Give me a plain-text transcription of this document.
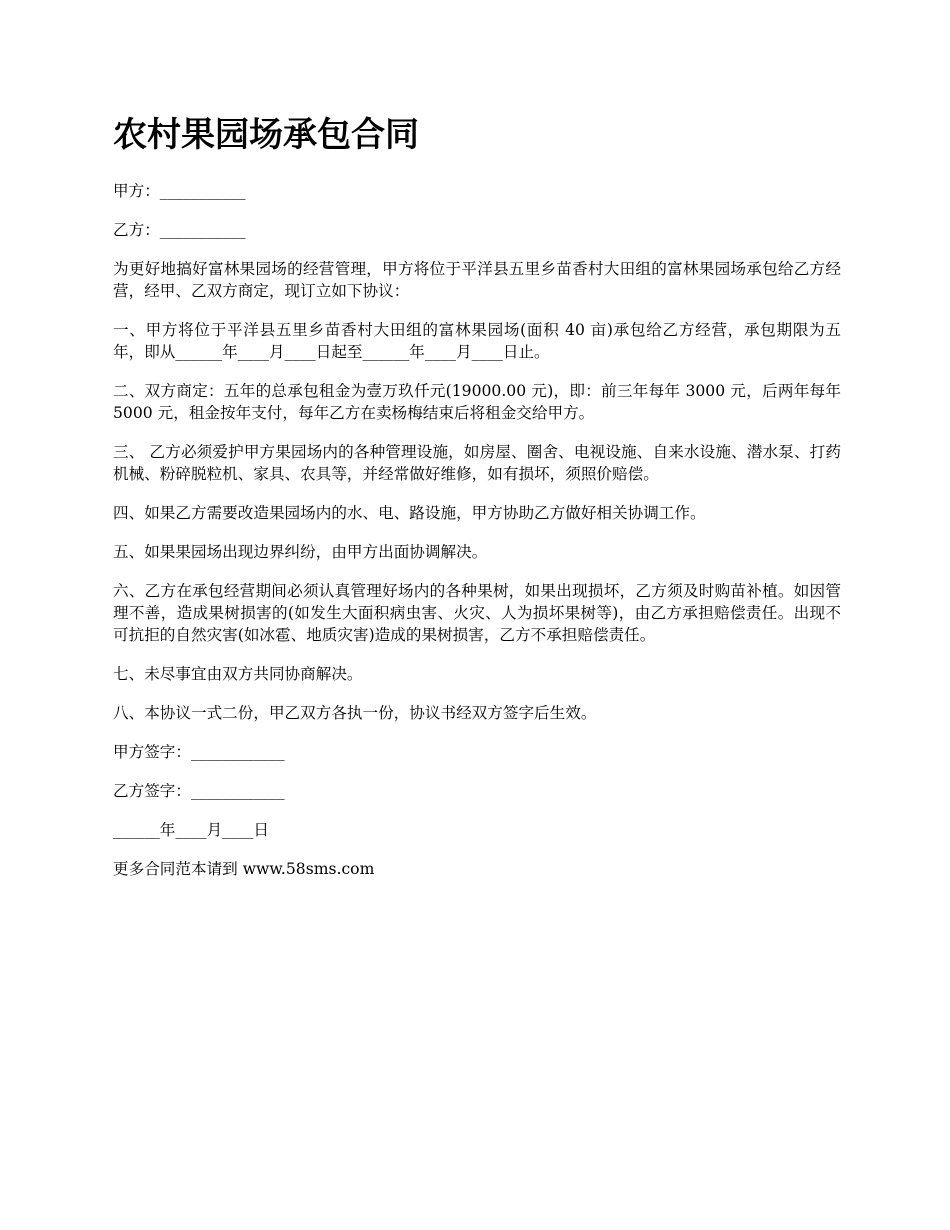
农村果园场承包合同

甲方：___________

乙方：___________

为更好地搞好富林果园场的经营管理，甲方将位于平洋县五里乡苗香村大田组的富林果园场承包给乙方经营，经甲、乙双方商定，现订立如下协议：

一、甲方将位于平洋县五里乡苗香村大田组的富林果园场(面积 40 亩)承包给乙方经营，承包期限为五年，即从______年____月____日起至______年____月____日止。

二、双方商定：五年的总承包租金为壹万玖仟元(19000.00 元)，即：前三年每年 3000 元，后两年每年 5000 元，租金按年支付，每年乙方在卖杨梅结束后将租金交给甲方。

三、 乙方必须爱护甲方果园场内的各种管理设施，如房屋、圈舍、电视设施、自来水设施、潜水泵、打药机械、粉碎脱粒机、家具、农具等，并经常做好维修，如有损坏，须照价赔偿。

四、如果乙方需要改造果园场内的水、电、路设施，甲方协助乙方做好相关协调工作。

五、如果果园场出现边界纠纷，由甲方出面协调解决。

六、乙方在承包经营期间必须认真管理好场内的各种果树，如果出现损坏，乙方须及时购苗补植。如因管理不善，造成果树损害的(如发生大面积病虫害、火灾、人为损坏果树等)，由乙方承担赔偿责任。出现不可抗拒的自然灾害(如冰雹、地质灾害)造成的果树损害，乙方不承担赔偿责任。

七、未尽事宜由双方共同协商解决。

八、本协议一式二份，甲乙双方各执一份，协议书经双方签字后生效。

甲方签字：____________

乙方签字：____________

______年____月____日

更多合同范本请到 www.58sms.com
